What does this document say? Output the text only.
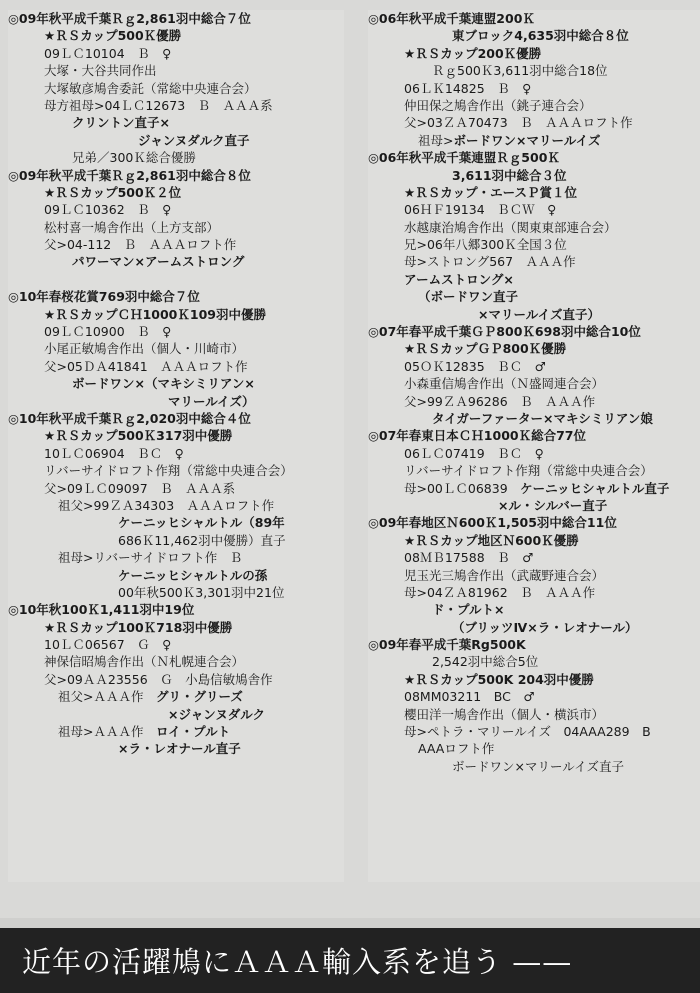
◎09年秋平成千葉Ｒｇ2,861羽中総合７位
★ＲＳカップ500Ｋ優勝
09ＬＣ10104　Ｂ　♀
大塚・大谷共同作出
大塚敏彦鳩舎委託（常総中央連合会）
母方祖母>04ＬＣ12673　Ｂ　ＡＡＡ系
クリントン直子×
ジャンヌダルク直子
兄弟／300Ｋ総合優勝
◎09年秋平成千葉Ｒｇ2,861羽中総合８位
★ＲＳカップ500Ｋ２位
09ＬＣ10362　Ｂ　♀
松村喜一鳩舎作出（上方支部）
父>04-112　Ｂ　ＡＡＡロフト作
パワーマン×アームストロング
◎10年春桜花賞769羽中総合７位
★ＲＳカップＣＨ1000Ｋ109羽中優勝
09ＬＣ10900　Ｂ　♀
小尾正敏鳩舎作出（個人・川崎市）
父>05ＤＡ41841　ＡＡＡロフト作
ボードワン×（マキシミリアン×
マリールイズ）
◎10年秋平成千葉Ｒｇ2,020羽中総合４位
★ＲＳカップ500Ｋ317羽中優勝
10ＬＣ06904　ＢＣ　♀
リバーサイドロフト作翔（常総中央連合会）
父>09ＬＣ09097　Ｂ　ＡＡＡ系
祖父>99ＺＡ34303　ＡＡＡロフト作
ケーニッヒシャルトル（89年
686Ｋ11,462羽中優勝）直子
祖母>リバーサイドロフト作　Ｂ
ケーニッヒシャルトルの孫
00年秋500Ｋ3,301羽中21位
◎10年秋100Ｋ1,411羽中19位
★ＲＳカップ100Ｋ718羽中優勝
10ＬＣ06567　Ｇ　♀
神保信昭鳩舎作出（Ｎ札幌連合会）
父>09ＡＡ23556　Ｇ　小島信敏鳩舎作
祖父>ＡＡＡ作　グリ・グリーズ
×ジャンヌダルク
祖母>ＡＡＡ作　ロイ・プルト
×ラ・レオナール直子
◎06年秋平成千葉連盟200Ｋ
東ブロック4,635羽中総合８位
★ＲＳカップ200Ｋ優勝
Ｒｇ500Ｋ3,611羽中総合18位
06ＬＫ14825　Ｂ　♀
仲田保之鳩舎作出（銚子連合会）
父>03ＺＡ70473　Ｂ　ＡＡＡロフト作
祖母>ボードワン×マリールイズ
◎06年秋平成千葉連盟Ｒｇ500Ｋ
3,611羽中総合３位
★ＲＳカップ・エースＰ賞１位
06ＨＦ19134　ＢＣＷ　♀
水越康治鳩舎作出（関東東部連合会）
兄>06年八郷300Ｋ全国３位
母>ストロング567　ＡＡＡ作
アームストロング×
（ボードワン直子
×マリールイズ直子）
◎07年春平成千葉ＧＰ800Ｋ698羽中総合10位
★ＲＳカップＧＰ800Ｋ優勝
05ＯＫ12835　ＢＣ　♂
小森重信鳩舎作出（Ｎ盛岡連合会）
父>99ＺＡ96286　Ｂ　ＡＡＡ作
タイガーファーター×マキシミリアン娘
◎07年春東日本ＣＨ1000Ｋ総合77位
06ＬＣ07419　ＢＣ　♀
リバーサイドロフト作翔（常総中央連合会）
母>00ＬＣ06839　ケーニッヒシャルトル直子
×ル・シルバー直子
◎09年春地区Ｎ600Ｋ1,505羽中総合11位
★ＲＳカップ地区Ｎ600Ｋ優勝
08ＭＢ17588　Ｂ　♂
児玉光三鳩舎作出（武蔵野連合会）
母>04ＺＡ81962　Ｂ　ＡＡＡ作
ド・プルト×
（ブリッツⅣ×ラ・レオナール）
◎09年春平成千葉Rg500K
2,542羽中総合5位
★ＲＳカップ500K 204羽中優勝
08MM03211　BC　♂
櫻田洋一鳩舎作出（個人・横浜市）
母>ペトラ・マリールイズ　04AAA289　B
AAAロフト作
ボードワン×マリールイズ直子
近年の活躍鳩にＡＡＡ輸入系を追う ——
